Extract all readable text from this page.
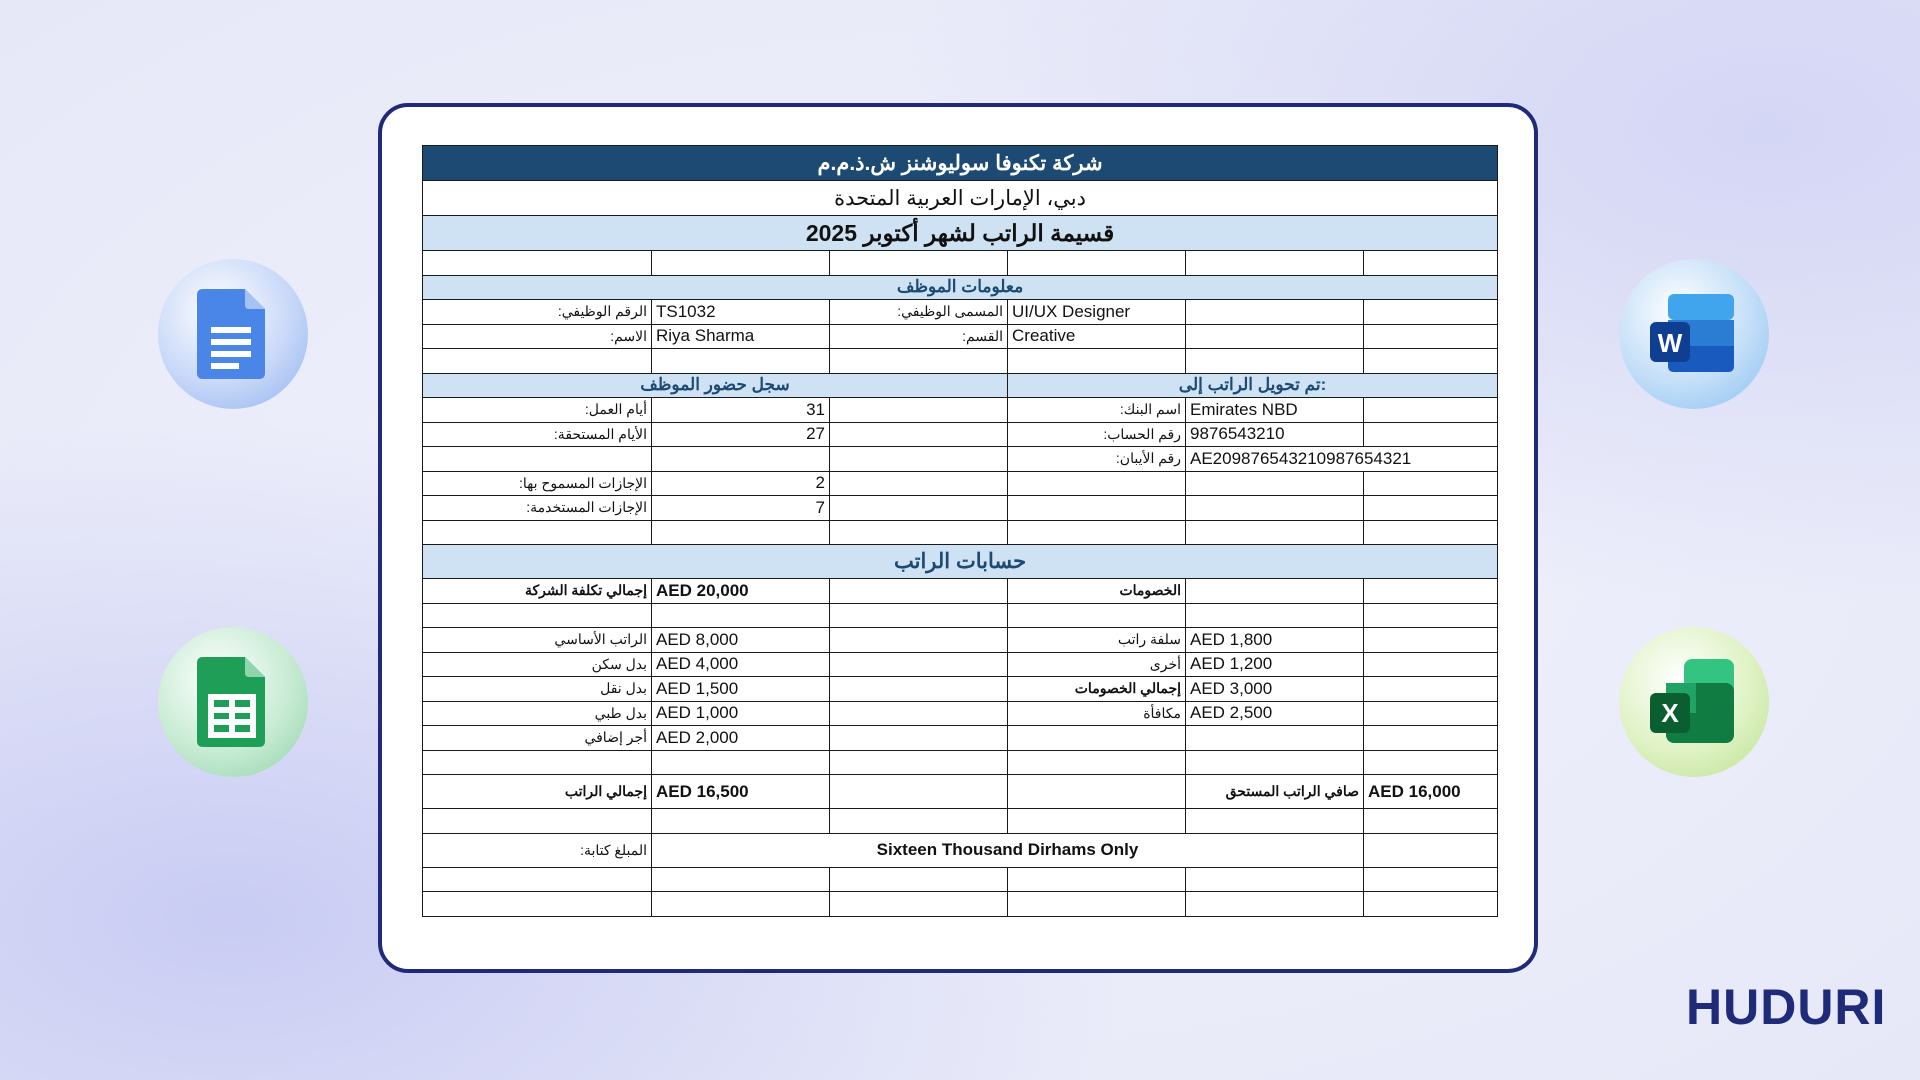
شركة تكنوفا سوليوشنز ش.ذ.م.م					
دبي، الإمارات العربية المتحدة					
قسيمة الراتب لشهر أكتوبر 2025					

معلومات الموظف					
الرقم الوظيفي:	TS1032	المسمى الوظيفي:	UI/UX Designer		
الاسم:	Riya Sharma	القسم:	Creative		

سجل حضور الموظف			تم تحويل الراتب إلى:		
أيام العمل:	31		اسم البنك:	Emirates NBD	
الأيام المستحقة:	27		رقم الحساب:	9876543210	
			رقم الأيبان:	AE209876543210987654321	
الإجازات المسموح بها:	2				
الإجازات المستخدمة:	7				

حسابات الراتب					
إجمالي تكلفة الشركة	AED 20,000		الخصومات		

الراتب الأساسي	AED 8,000		سلفة راتب	AED 1,800	
بدل سكن	AED 4,000		أخرى	AED 1,200	
بدل نقل	AED 1,500		إجمالي الخصومات	AED 3,000	
بدل طبي	AED 1,000		مكافأة	AED 2,500	
أجر إضافي	AED 2,000				

إجمالي الراتب	AED 16,500			صافي الراتب المستحق	AED 16,000

المبلغ كتابة:	Sixteen Thousand Dirhams Only				

W
X
HUDURI
